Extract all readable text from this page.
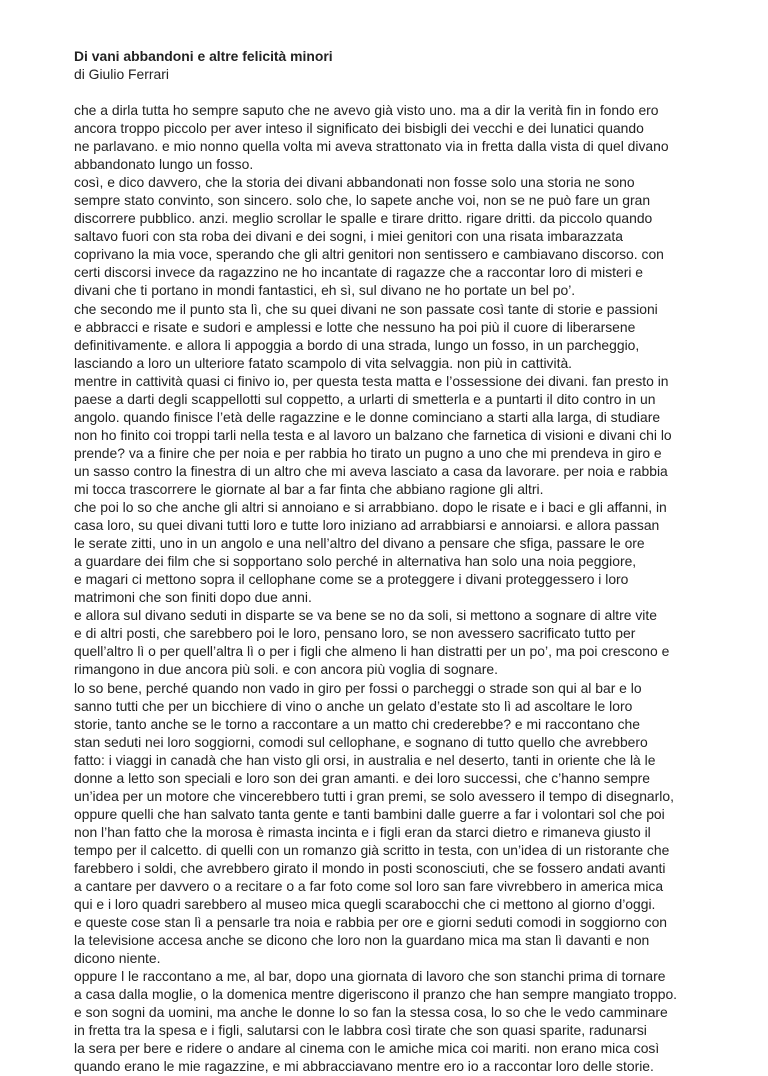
Di vani abbandoni e altre felicità minori
di Giulio Ferrari

che a dirla tutta ho sempre saputo che ne avevo già visto uno. ma a dir la verità fin in fondo ero
ancora troppo piccolo per aver inteso il significato dei bisbigli dei vecchi e dei lunatici quando
ne parlavano. e mio nonno quella volta mi aveva strattonato via in fretta dalla vista di quel divano
abbandonato lungo un fosso.

così, e dico davvero, che la storia dei divani abbandonati non fosse solo una storia ne sono
sempre stato convinto, son sincero. solo che, lo sapete anche voi, non se ne può fare un gran
discorrere pubblico. anzi. meglio scrollar le spalle e tirare dritto. rigare dritti. da piccolo quando
saltavo fuori con sta roba dei divani e dei sogni, i miei genitori con una risata imbarazzata
coprivano la mia voce, sperando che gli altri genitori non sentissero e cambiavano discorso. con
certi discorsi invece da ragazzino ne ho incantate di ragazze che a raccontar loro di misteri e
divani che ti portano in mondi fantastici, eh sì, sul divano ne ho portate un bel po’.

che secondo me il punto sta lì, che su quei divani ne son passate così tante di storie e passioni
e abbracci e risate e sudori e amplessi e lotte che nessuno ha poi più il cuore di liberarsene
definitivamente. e allora li appoggia a bordo di una strada, lungo un fosso, in un parcheggio,
lasciando a loro un ulteriore fatato scampolo di vita selvaggia. non più in cattività.

mentre in cattività quasi ci finivo io, per questa testa matta e l’ossessione dei divani. fan presto in
paese a darti degli scappellotti sul coppetto, a urlarti di smetterla e a puntarti il dito contro in un
angolo. quando finisce l’età delle ragazzine e le donne cominciano a starti alla larga, di studiare
non ho finito coi troppi tarli nella testa e al lavoro un balzano che farnetica di visioni e divani chi lo
prende? va a finire che per noia e per rabbia ho tirato un pugno a uno che mi prendeva in giro e
un sasso contro la finestra di un altro che mi aveva lasciato a casa da lavorare. per noia e rabbia
mi tocca trascorrere le giornate al bar a far finta che abbiano ragione gli altri.

che poi lo so che anche gli altri si annoiano e si arrabbiano. dopo le risate e i baci e gli affanni, in
casa loro, su quei divani tutti loro e tutte loro iniziano ad arrabbiarsi e annoiarsi. e allora passan
le serate zitti, uno in un angolo e una nell’altro del divano a pensare che sfiga, passare le ore
a guardare dei film che si sopportano solo perché in alternativa han solo una noia peggiore,
e magari ci mettono sopra il cellophane come se a proteggere i divani proteggessero i loro
matrimoni che son finiti dopo due anni.

e allora sul divano seduti in disparte se va bene se no da soli, si mettono a sognare di altre vite
e di altri posti, che sarebbero poi le loro, pensano loro, se non avessero sacrificato tutto per
quell’altro lì o per quell’altra lì o per i figli che almeno li han distratti per un po’, ma poi crescono e
rimangono in due ancora più soli. e con ancora più voglia di sognare.

lo so bene, perché quando non vado in giro per fossi o parcheggi o strade son qui al bar e lo
sanno tutti che per un bicchiere di vino o anche un gelato d’estate sto lì ad ascoltare le loro
storie, tanto anche se le torno a raccontare a un matto chi crederebbe? e mi raccontano che
stan seduti nei loro soggiorni, comodi sul cellophane, e sognano di tutto quello che avrebbero
fatto: i viaggi in canadà che han visto gli orsi, in australia e nel deserto, tanti in oriente che là le
donne a letto son speciali e loro son dei gran amanti. e dei loro successi, che c’hanno sempre
un’idea per un motore che vincerebbero tutti i gran premi, se solo avessero il tempo di disegnarlo,
oppure quelli che han salvato tanta gente e tanti bambini dalle guerre a far i volontari sol che poi
non l’han fatto che la morosa è rimasta incinta e i figli eran da starci dietro e rimaneva giusto il
tempo per il calcetto. di quelli con un romanzo già scritto in testa, con un’idea di un ristorante che
farebbero i soldi, che avrebbero girato il mondo in posti sconosciuti, che se fossero andati avanti
a cantare per davvero o a recitare o a far foto come sol loro san fare vivrebbero in america mica
qui e i loro quadri sarebbero al museo mica quegli scarabocchi che ci mettono al giorno d’oggi.
e queste cose stan lì a pensarle tra noia e rabbia per ore e giorni seduti comodi in soggiorno con
la televisione accesa anche se dicono che loro non la guardano mica ma stan lì davanti e non
dicono niente.

oppure l le raccontano a me, al bar, dopo una giornata di lavoro che son stanchi prima di tornare
a casa dalla moglie, o la domenica mentre digeriscono il pranzo che han sempre mangiato troppo.
e son sogni da uomini, ma anche le donne lo so fan la stessa cosa, lo so che le vedo camminare
in fretta tra la spesa e i figli, salutarsi con le labbra così tirate che son quasi sparite, radunarsi
la sera per bere e ridere o andare al cinema con le amiche mica coi mariti. non erano mica così
quando erano le mie ragazzine, e mi abbracciavano mentre ero io a raccontar loro delle storie.
